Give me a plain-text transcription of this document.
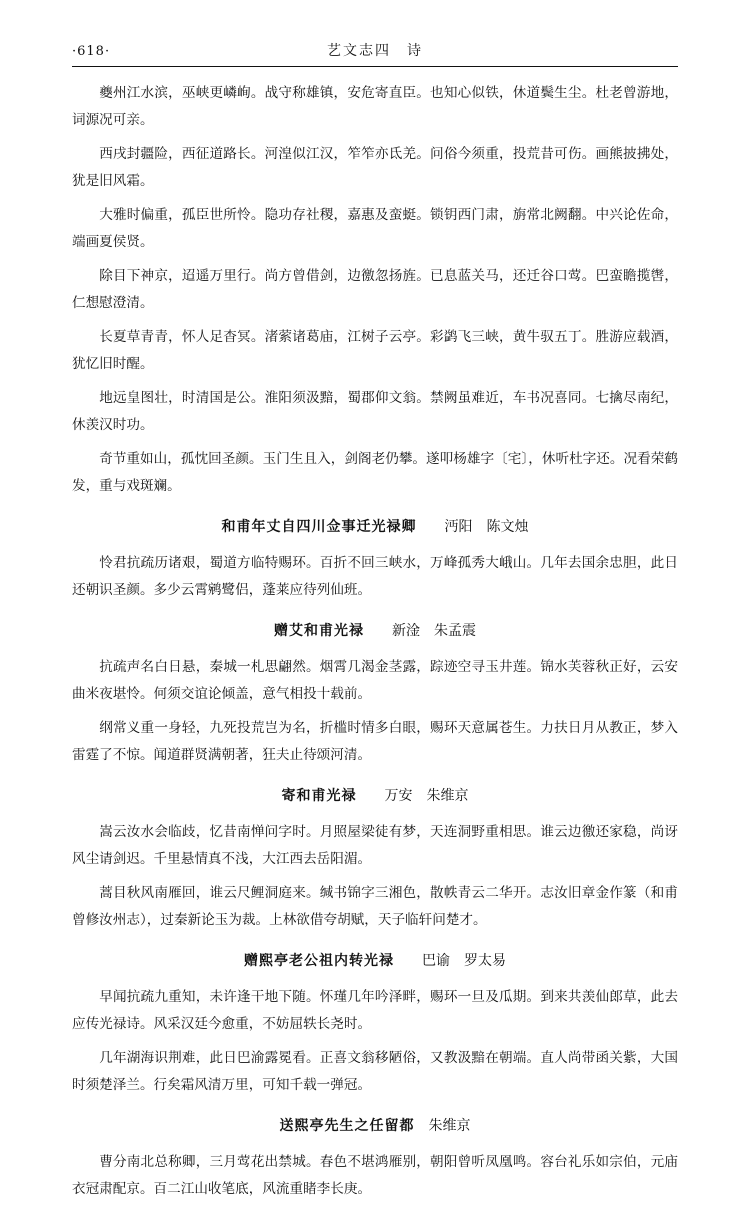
·618·	艺文志四　诗

夔州江水滨，巫峡更嶙峋。战守称雄镇，安危寄直臣。也知心似铁，休道鬓生尘。杜老曾游地，词源况可亲。

西戌封疆险，西征道路长。河湟似江汉，笮笮亦氐羌。问俗今须重，投荒昔可伤。画熊披拂处，犹是旧风霜。

大雅时偏重，孤臣世所怜。隐功存社稷，嘉惠及蛮蜓。锁钥西门肃，旃常北阙翻。中兴论佐命，端画夏侯贤。

除目下神京，迢遥万里行。尚方曾借剑，边徼忽扬旌。已息蓝关马，还迁谷口莺。巴蛮瞻揽辔，仁想慰澄清。

长夏草青青，怀人足杳冥。渚萦诸葛庙，江树子云亭。彩鹢飞三峡，黄牛驭五丁。胜游应载酒，犹忆旧时醒。

地远皇图壮，时清国是公。淮阳须汲黯，蜀郡仰文翁。禁阙虽难近，车书况喜同。七擒尽南纪，休羡汉时功。

奇节重如山，孤忱回圣颜。玉门生且入，剑阁老仍攀。遂叩杨雄字〔宅〕，休听杜字还。况看荣鹤发，重与戏斑斓。

和甫年丈自四川佥事迁光禄卿 沔阳 陈文烛

怜君抗疏历诸艰，蜀道方临特赐环。百折不回三峡水，万峰孤秀大峨山。几年去国余忠胆，此日还朝识圣颜。多少云霄鹓鹭侣，蓬莱应待列仙班。

赠艾和甫光禄 新淦 朱孟震

抗疏声名白日悬，秦城一札思翩然。烟霄几渴金茎露，踪迹空寻玉井莲。锦水芙蓉秋正好，云安曲米夜堪怜。何须交谊论倾盖，意气相投十载前。

纲常义重一身轻，九死投荒岂为名，折槛时情多白眼，赐环天意属苍生。力扶日月从教正，梦入雷霆了不惊。闻道群贤满朝著，狂夫止待颂河清。

寄和甫光禄 万安 朱维京

嵩云汝水会临歧，忆昔南惮问字时。月照屋梁徒有梦，天连洞野重相思。谁云边徼还家稳，尚讶风尘请剑迟。千里悬情真不浅，大江西去岳阳湄。

蒿目秋风南雁回，谁云尺鲤洞庭来。缄书锦字三湘色，散帙青云二华开。志汝旧章金作篆（和甫曾修汝州志），过秦新论玉为裁。上林欲借夸胡赋，天子临轩问楚才。

赠熙亭老公祖内转光禄 巴谕 罗太易

早闻抗疏九重知，未许逢干地下随。怀瑾几年吟泽畔，赐环一旦及瓜期。到来共羡仙郎草，此去应传光禄诗。风采汉廷今愈重，不妨屈轶长尧时。

几年湖海识荆难，此日巴渝露冕看。正喜文翁移陋俗，又教汲黯在朝端。直人尚带函关紫，大国时须楚泽兰。行矣霜风清万里，可知千载一弹冠。

送熙亭先生之任留都 朱维京

曹分南北总称卿，三月莺花出禁城。春色不堪鸿雁别，朝阳曾听凤凰鸣。容台礼乐如宗伯，元庙衣冠肃配京。百二江山收笔底，风流重睹李长庚。
